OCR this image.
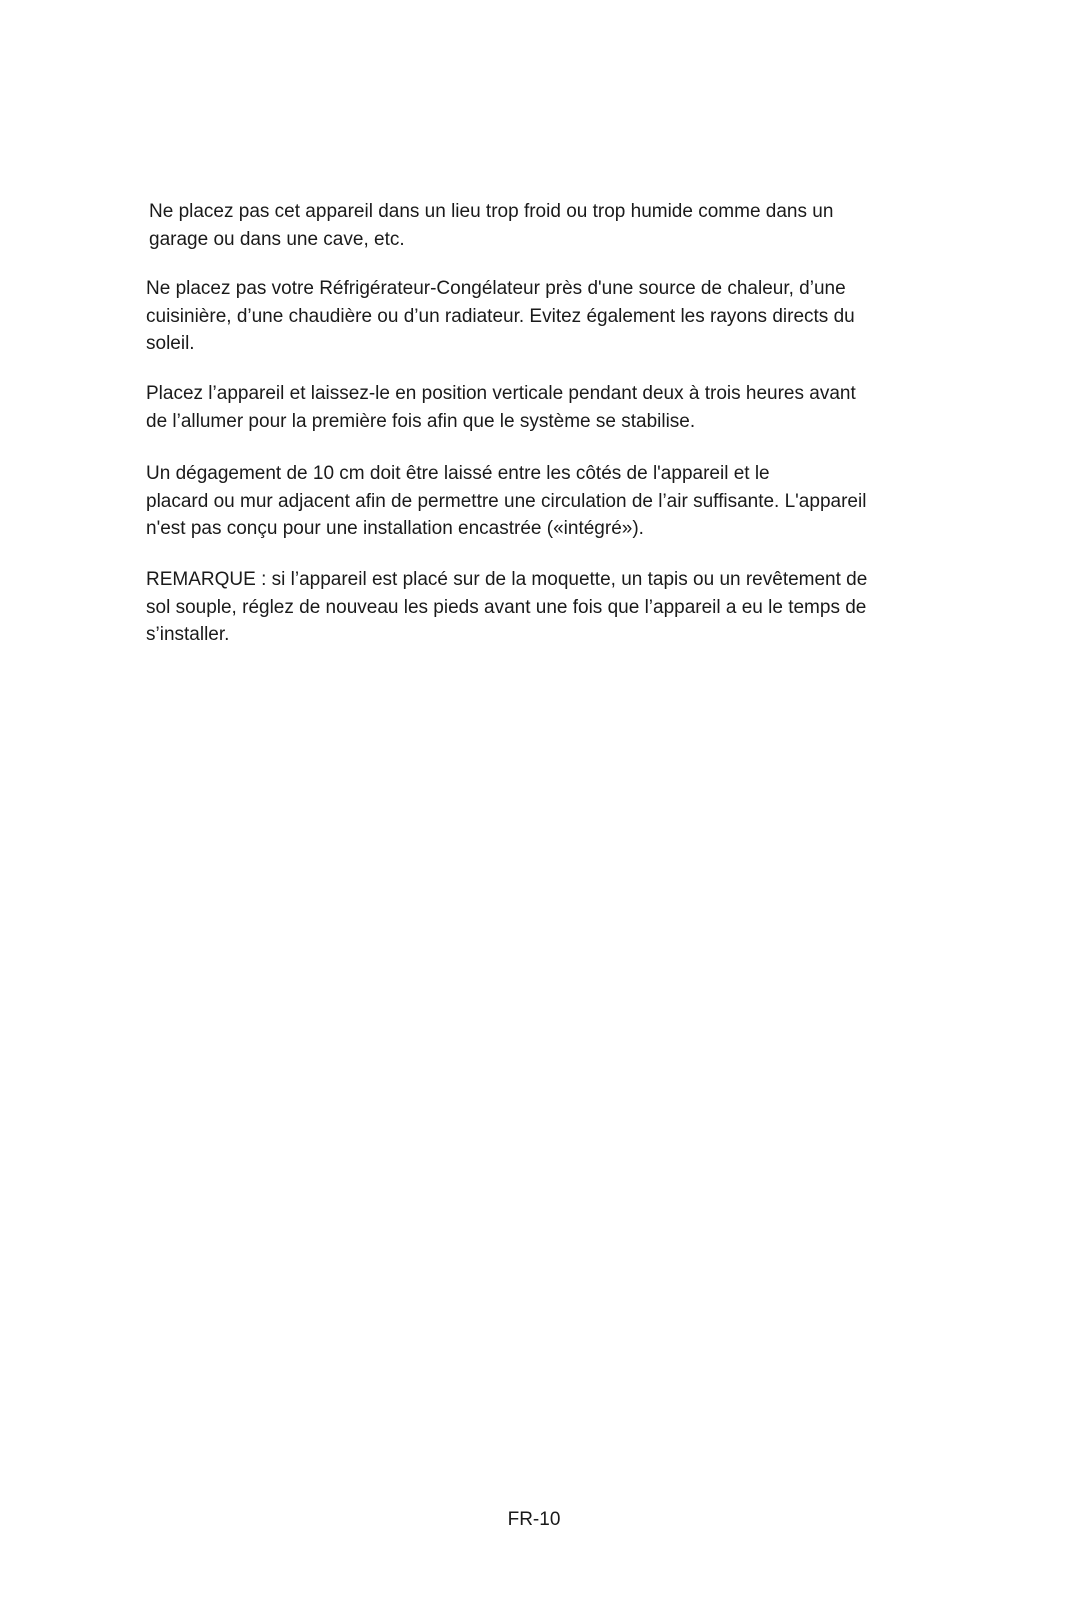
Ne placez pas cet appareil dans un lieu trop froid ou trop humide comme dans un
garage ou dans une cave, etc.

Ne placez pas votre Réfrigérateur-Congélateur près d'une source de chaleur, d’une
cuisinière, d’une chaudière ou d’un radiateur. Evitez également les rayons directs du
soleil.

Placez l’appareil et laissez-le en position verticale pendant deux à trois heures avant
de l’allumer pour la première fois afin que le système se stabilise.

Un dégagement de 10 cm doit être laissé entre les côtés de l'appareil et le
placard ou mur adjacent afin de permettre une circulation de l’air suffisante. L'appareil
n'est pas conçu pour une installation encastrée («intégré»).

REMARQUE : si l’appareil est placé sur de la moquette, un tapis ou un revêtement de
sol souple, réglez de nouveau les pieds avant une fois que l’appareil a eu le temps de
s’installer.

FR-10
